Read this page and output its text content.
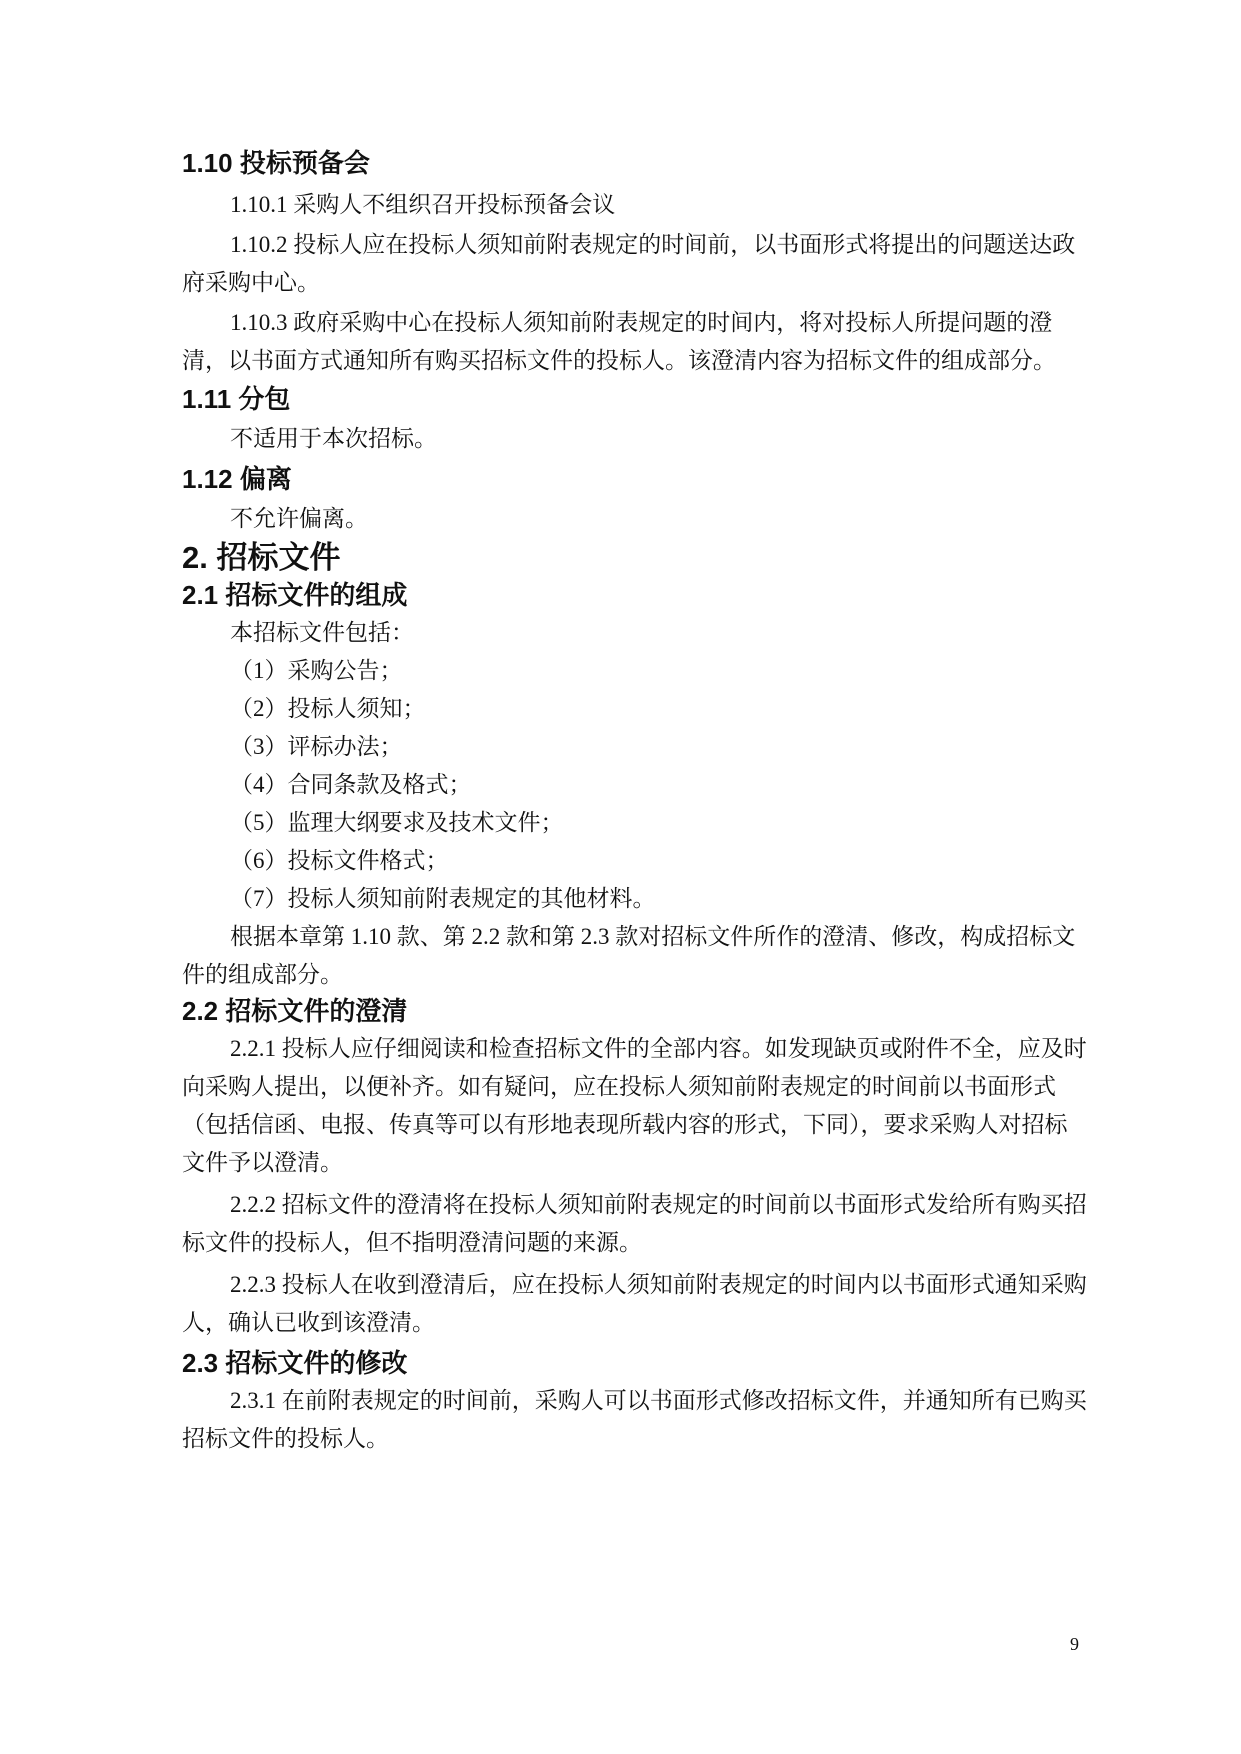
1.10 投标预备会

1.10.1 采购人不组织召开投标预备会议

1.10.2 投标人应在投标人须知前附表规定的时间前，以书面形式将提出的问题送达政府采购中心。

1.10.3 政府采购中心在投标人须知前附表规定的时间内，将对投标人所提问题的澄清，以书面方式通知所有购买招标文件的投标人。该澄清内容为招标文件的组成部分。

1.11 分包

不适用于本次招标。

1.12 偏离

不允许偏离。

2. 招标文件
2.1 招标文件的组成

本招标文件包括：

（1）采购公告；

（2）投标人须知；

（3）评标办法；

（4）合同条款及格式；

（5）监理大纲要求及技术文件；

（6）投标文件格式；

（7）投标人须知前附表规定的其他材料。

根据本章第 1.10 款、第 2.2 款和第 2.3 款对招标文件所作的澄清、修改，构成招标文件的组成部分。

2.2 招标文件的澄清

2.2.1 投标人应仔细阅读和检查招标文件的全部内容。如发现缺页或附件不全，应及时向采购人提出，以便补齐。如有疑问，应在投标人须知前附表规定的时间前以书面形式（包括信函、电报、传真等可以有形地表现所载内容的形式，下同），要求采购人对招标文件予以澄清。

2.2.2 招标文件的澄清将在投标人须知前附表规定的时间前以书面形式发给所有购买招标文件的投标人，但不指明澄清问题的来源。

2.2.3 投标人在收到澄清后，应在投标人须知前附表规定的时间内以书面形式通知采购人，确认已收到该澄清。

2.3 招标文件的修改

2.3.1 在前附表规定的时间前，采购人可以书面形式修改招标文件，并通知所有已购买招标文件的投标人。

9
